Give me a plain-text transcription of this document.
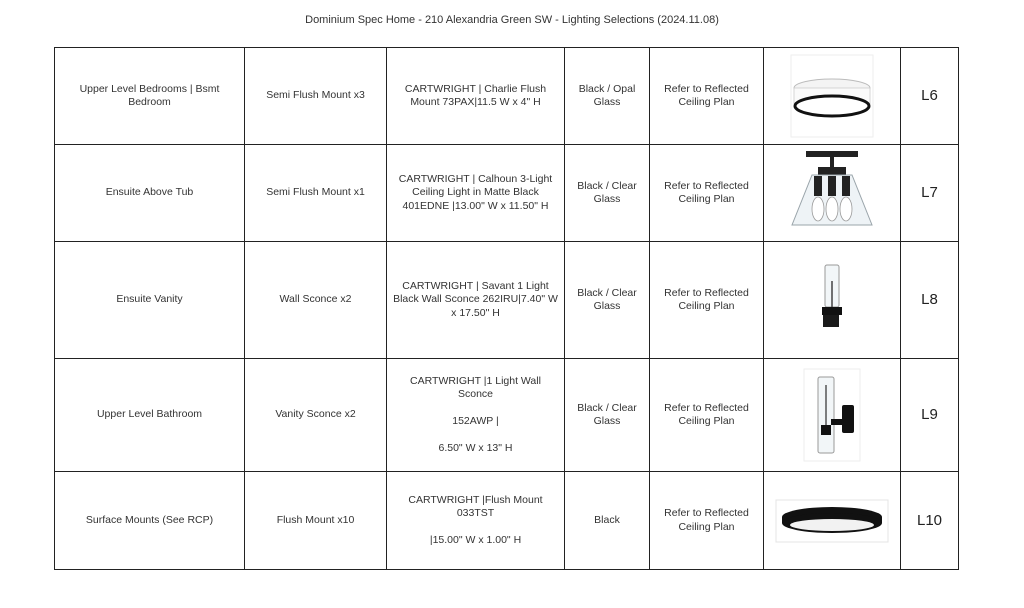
Dominium Spec Home - 210 Alexandria Green SW - Lighting Selections (2024.11.08)
Upper Level Bedrooms | Bsmt Bedroom	Semi Flush Mount x3	CARTWRIGHT | Charlie Flush Mount 73PAX|11.5 W x 4" H	Black / Opal Glass	Refer to Reflected Ceiling Plan		L6
Ensuite Above Tub	Semi Flush Mount x1	CARTWRIGHT | Calhoun 3-Light Ceiling Light in Matte Black 401EDNE |13.00" W x 11.50" H	Black / Clear Glass	Refer to Reflected Ceiling Plan		L7
Ensuite Vanity	Wall Sconce x2	CARTWRIGHT | Savant 1 Light Black Wall Sconce 262IRU|7.40" W x 17.50" H	Black / Clear Glass	Refer to Reflected Ceiling Plan		L8
Upper Level Bathroom	Vanity Sconce x2	CARTWRIGHT |1 Light Wall Sconce

152AWP |

6.50" W x 13" H	Black / Clear Glass	Refer to Reflected Ceiling Plan		L9
Surface Mounts (See RCP)	Flush Mount x10	CARTWRIGHT |Flush Mount 033TST

|15.00" W x 1.00" H	Black	Refer to Reflected Ceiling Plan		L10
